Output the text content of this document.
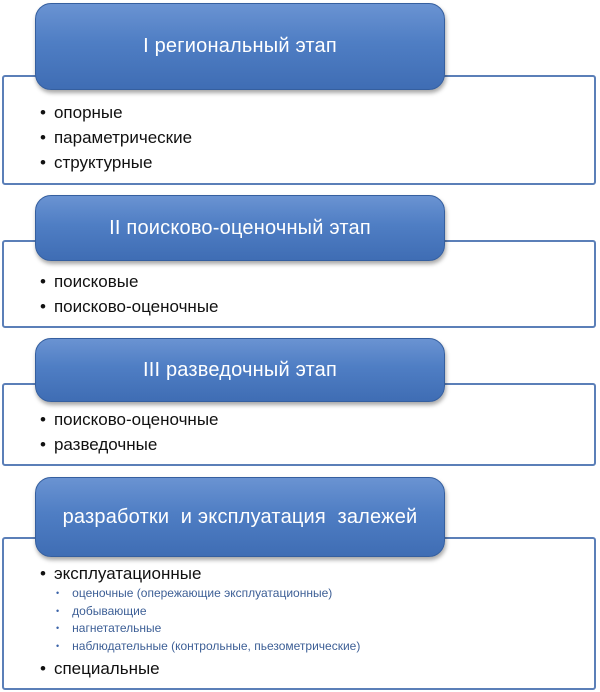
• опорные
• параметрические
• структурные
I региональный этап
• поисковые
• поисково-оценочные
II поисково-оценочный этап
• поисково-оценочные
• разведочные
III разведочный этап
• эксплуатационные
• оценочные (опережающие эксплуатационные)
• добывающие
• нагнетательные
• наблюдательные (контрольные, пьезометрические)
• специальные
разработки  и эксплуатация  залежей
